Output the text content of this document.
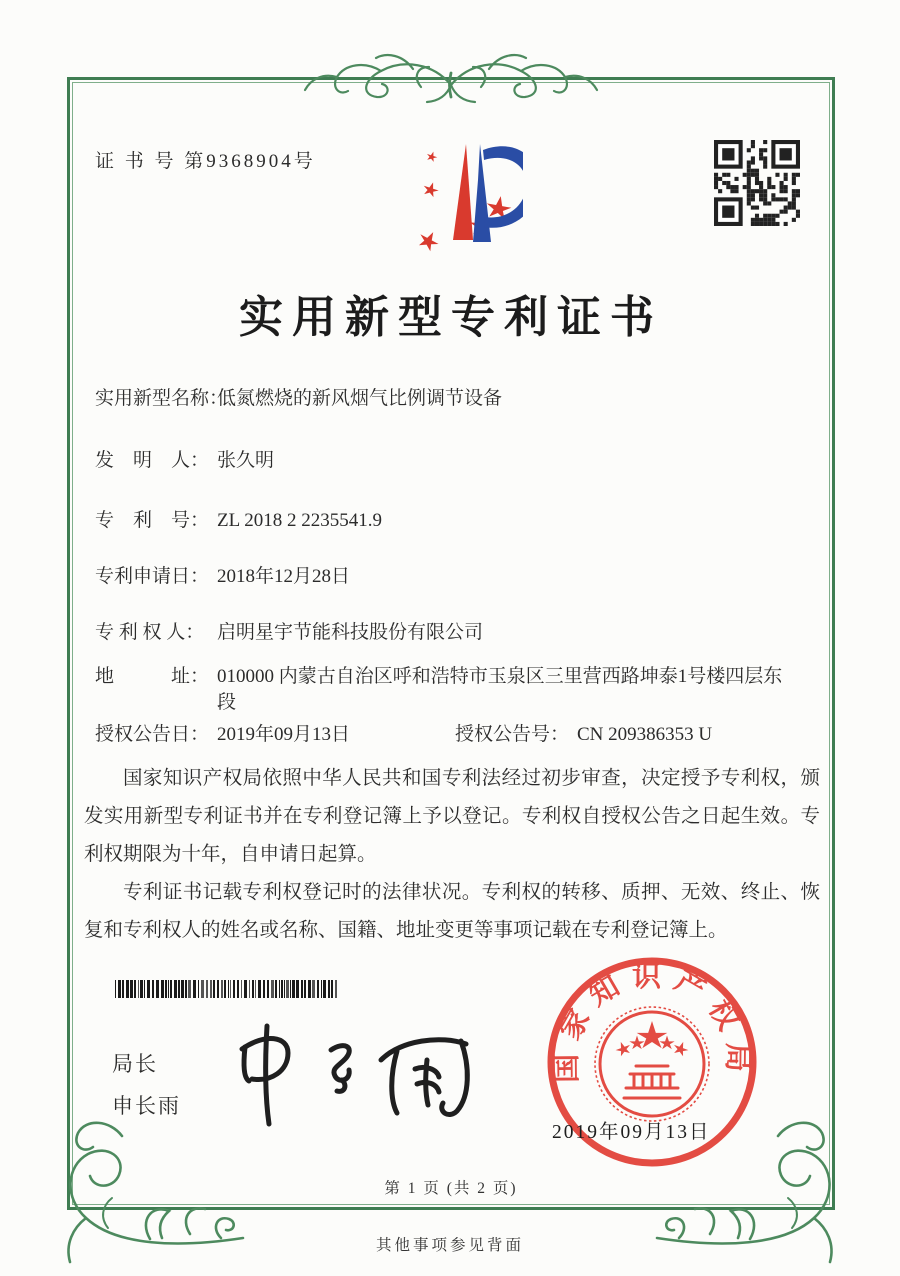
证 书 号 第9368904号
实用新型专利证书
实用新型名称：
低氮燃烧的新风烟气比例调节设备
发　明　人： 张久明
专　利　号： ZL 2018 2 2235541.9
专利申请日： 2018年12月28日
专 利 权 人： 启明星宇节能科技股份有限公司
地　　　址： 010000 内蒙古自治区呼和浩特市玉泉区三里营西路坤泰1号楼四层东段
授权公告日： 2019年09月13日	授权公告号： CN 209386353 U

国家知识产权局依照中华人民共和国专利法经过初步审查，决定授予专利权，颁发实用新型专利证书并在专利登记簿上予以登记。专利权自授权公告之日起生效。专利权期限为十年，自申请日起算。

专利证书记载专利权登记时的法律状况。专利权的转移、质押、无效、终止、恢复和专利权人的姓名或名称、国籍、地址变更等事项记载在专利登记簿上。

局长
申长雨
国家知识产权局
2019年09月13日
第 1 页 (共 2 页)
其他事项参见背面
